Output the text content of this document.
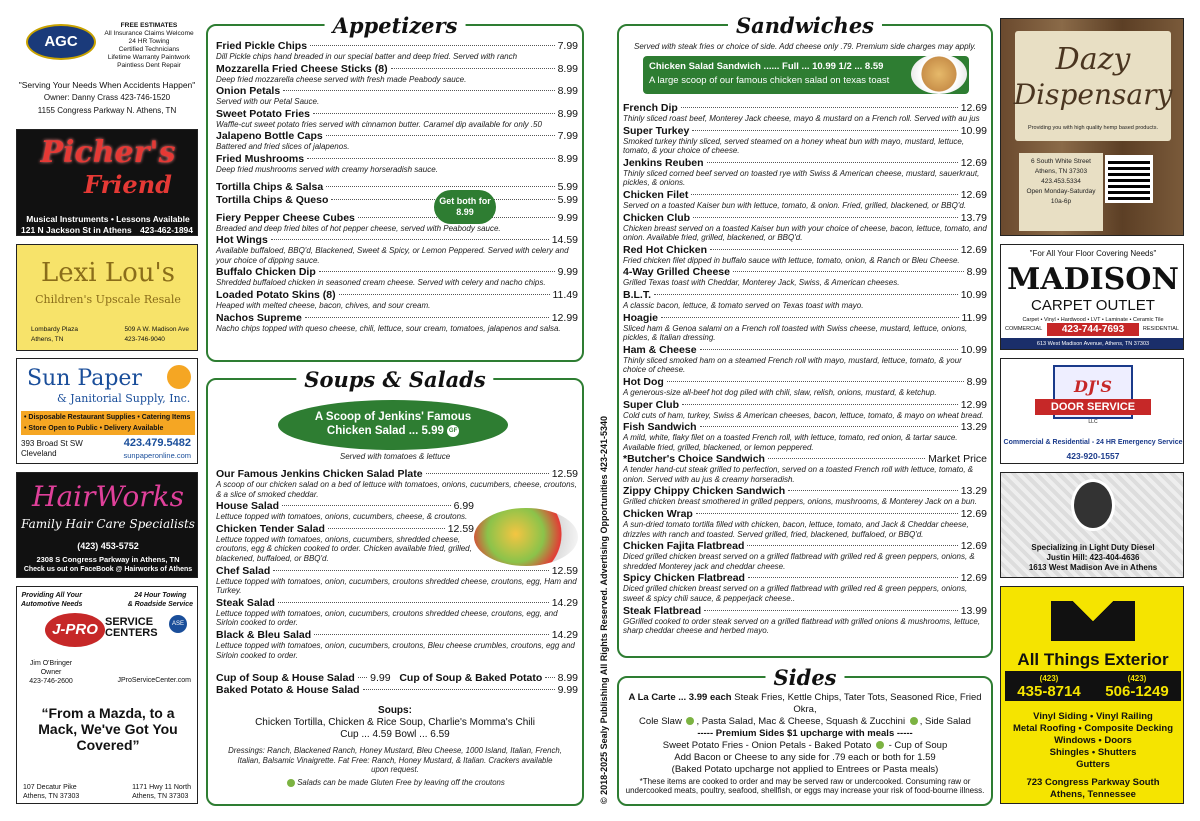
AGC
FREE ESTIMATES
All Insurance Claims Welcome
24 HR Towing
Certified Technicians
Lifetime Warranty Paintwork
Paintless Dent Repair
"Serving Your Needs When Accidents Happen"
Owner: Danny Crass 423-746-1520
1155 Congress Parkway N. Athens, TN
Picher's
Friend
Musical Instruments • Lessons Available
121 N Jackson St in Athens 423-462-1894
Lexi Lou's
Children's Upscale Resale
Lombardy Plaza
Athens, TN
509 A W. Madison Ave
423-746-9040
Sun Paper
& Janitorial Supply, Inc.
• Disposable Restaurant Supplies • Catering Items
• Store Open to Public • Delivery Available
393 Broad St SW
Cleveland
423.479.5482
sunpaperonline.com
HairWorks
Family Hair Care Specialists
(423) 453-5752
2308 S Congress Parkway in Athens, TN
Check us out on FaceBook @ Hairworks of Athens
Providing All Your
Automotive Needs
24 Hour Towing
& Roadside Service
J-PRO SERVICE
CENTERS
ASE
Jim O'Bringer
Owner
423-746-2600	JProServiceCenter.com
“From a Mazda, to a Mack, We've Got You Covered”
107 Decatur Pike
Athens, TN 37303
1171 Hwy 11 North
Athens, TN 37303
Appetizers
Fried Pickle Chips	7.99
Dill Pickle chips hand breaded in our special batter and deep fried. Served with ranch
Mozzarella Fried Cheese Sticks (8)	8.99
Deep fried mozzarella cheese served with fresh made Peabody sauce.
Onion Petals	8.99
Served with our Petal Sauce.
Sweet Potato Fries	8.99
Waffle-cut sweet potato fries served with cinnamon butter. Caramel dip available for only .50
Jalapeno Bottle Caps	7.99
Battered and fried slices of jalapenos.
Fried Mushrooms	8.99
Deep fried mushrooms served with creamy horseradish sauce.
Tortilla Chips & Salsa	5.99
Tortilla Chips & Queso	5.99
Fiery Pepper Cheese Cubes	9.99
Breaded and deep fried bites of hot pepper cheese, served with Peabody sauce.
Hot Wings	14.59
Available buffaloed, BBQ'd, Blackened, Sweet & Spicy, or Lemon Peppered. Served with celery and your choice of dipping sauce.
Buffalo Chicken Dip	9.99
Shredded buffaloed chicken in seasoned cream cheese. Served with celery and nacho chips.
Loaded Potato Skins (8)	11.49
Heaped with melted cheese, bacon, chives, and sour cream.
Nachos Supreme	12.99
Nacho chips topped with queso cheese, chili, lettuce, sour cream, tomatoes, jalapenos and salsa.
Get both for 8.99
Soups & Salads
A Scoop of Jenkins' Famous
Chicken Salad ... 5.99 GF
Served with tomatoes & lettuce
Our Famous Jenkins Chicken Salad Plate	12.59
A scoop of our chicken salad on a bed of lettuce with tomatoes, onions, cucumbers, cheese, croutons, & a slice of smoked cheddar.
House Salad	6.99
Lettuce topped with tomatoes, onions, cucumbers, cheese, & croutons.
Chicken Tender Salad	12.59
Lettuce topped with tomatoes, onions, cucumbers, shredded cheese, croutons, egg & chicken cooked to order. Chicken available fried, grilled, blackened, buffaloed, or BBQ'd.
Chef Salad	12.59
Lettuce topped with tomatoes, onion, cucumbers, croutons shredded cheese, croutons, egg, Ham and Turkey.
Steak Salad	14.29
Lettuce topped with tomatoes, onion, cucumbers, croutons shredded cheese, croutons, egg, and Sirloin cooked to order.
Black & Bleu Salad	14.29
Lettuce topped with tomatoes, onion, cucumbers, croutons, Bleu cheese crumbles, croutons, egg and Sirloin cooked to order.
Cup of Soup & House Salad 9.99
Cup of Soup & Baked Potato 8.99
Baked Potato & House Salad	9.99
Soups:
Chicken Tortilla, Chicken & Rice Soup, Charlie's Momma's Chili
Cup ... 4.59 Bowl ... 6.59
Dressings: Ranch, Blackened Ranch, Honey Mustard, Bleu Cheese, 1000 Island, Italian, French, Italian, Balsamic Vinaigrette. Fat Free: Ranch, Honey Mustard, & Italian. Crackers available upon request.
Salads can be made Gluten Free by leaving off the croutons	© 2018-2025 Sealy Publishing All Rights Reserved. Advertising Opportunities 423-241-5340
Sandwiches
Served with steak fries or choice of side. Add cheese only .79. Premium side charges may apply.
Chicken Salad Sandwich ...... Full ... 10.99 1/2 ... 8.59
A large scoop of our famous chicken salad on texas toast
French Dip	12.69
Thinly sliced roast beef, Monterey Jack cheese, mayo & mustard on a French roll. Served with au jus
Super Turkey	10.99
Smoked turkey thinly sliced, served steamed on a honey wheat bun with mayo, mustard, lettuce, tomato, & your choice of cheese.
Jenkins Reuben	12.69
Thinly sliced corned beef served on toasted rye with Swiss & American cheese, mustard, sauerkraut, pickles, & onions.
Chicken Filet	12.69
Served on a toasted Kaiser bun with lettuce, tomato, & onion. Fried, grilled, blackened, or BBQ'd.
Chicken Club	13.79
Chicken breast served on a toasted Kaiser bun with your choice of cheese, bacon, lettuce, tomato, and onion. Available fried, grilled, blackened, or BBQ'd.
Red Hot Chicken	12.69
Fried chicken filet dipped in buffalo sauce with lettuce, tomato, onion, & Ranch or Bleu Cheese.
4-Way Grilled Cheese	8.99
Grilled Texas toast with Cheddar, Monterey Jack, Swiss, & American cheeses.
B.L.T.	10.99
A classic bacon, lettuce, & tomato served on Texas toast with mayo.
Hoagie	11.99
Sliced ham & Genoa salami on a French roll toasted with Swiss cheese, mustard, lettuce, onions, pickles, & Italian dressing.
Ham & Cheese	10.99
Thinly sliced smoked ham on a steamed French roll with mayo, mustard, lettuce, tomato, & your choice of cheese.
Hot Dog	8.99
A generous-size all-beef hot dog piled with chili, slaw, relish, onions, mustard, & ketchup.
Super Club	12.99
Cold cuts of ham, turkey, Swiss & American cheeses, bacon, lettuce, tomato, & mayo on wheat bread.
Fish Sandwich	13.29
A mild, white, flaky filet on a toasted French roll, with lettuce, tomato, red onion, & tartar sauce. Available fried, grilled, blackened, or lemon peppered.
*Butcher's Choice Sandwich	Market Price
A tender hand-cut steak grilled to perfection, served on a toasted French roll with lettuce, tomato, & onion. Served with au jus & creamy horseradish.
Zippy Chippy Chicken Sandwich	13.29
Grilled chicken breast smothered in grilled peppers, onions, mushrooms, & Monterey Jack on a bun.
Chicken Wrap	12.69
A sun-dried tomato tortilla filled with chicken, bacon, lettuce, tomato, and Jack & Cheddar cheese, drizzles with ranch and toasted. Served grilled, fried, blackened, buffaloed, or BBQ'd.
Chicken Fajita Flatbread	12.69
Diced grilled chicken breast served on a grilled flatbread with grilled red & green peppers, onions, & shredded Monterey jack and cheddar cheese.
Spicy Chicken Flatbread	12.69
Diced grilled chicken breast served on a grilled flatbread with grilled red & green peppers, onions, sweet & spicy chili sauce, & pepperjack cheese..
Steak Flatbread	13.99
GGrilled cooked to order steak served on a grilled flatbread with grilled onions & mushrooms, lettuce, sharp cheddar cheese and herbed mayo.
Sides
A La Carte ... 3.99 each Steak Fries, Kettle Chips, Tater Tots, Seasoned Rice, Fried Okra,
Cole Slaw , Pasta Salad, Mac & Cheese, Squash & Zucchini , Side Salad
----- Premium Sides $1 upcharge with meals -----
Sweet Potato Fries - Onion Petals - Baked Potato  - Cup of Soup
Add Bacon or Cheese to any side for .79 each or both for 1.59
(Baked Potato upcharge not applied to Entrees or Pasta meals)
*These items are cooked to order and may be served raw or undercooked. Consuming raw or undercooked meats, poultry, seafood, shellfish, or eggs may increase your risk of food-bourne illness.
Dazy
Dispensary
Providing you with high quality hemp based products.
6 South White Street
Athens, TN 37303
423.453.5334
Open Monday-Saturday
10a-6p
"For All Your Floor Covering Needs"
MADISON
CARPET OUTLET
Carpet • Vinyl • Hardwood • LVT • Laminate • Ceramic Tile
COMMERCIAL	423-744-7693	RESIDENTIAL
613 West Madison Avenue, Athens, TN 37303
DJ'S
DOOR SERVICE
LLC
Commercial & Residential - 24 HR Emergency Service
423-920-1557
Specializing in Light Duty Diesel
Justin Hill: 423-404-4636
1613 West Madison Ave in Athens
All Things Exterior
(423)
435-8714
(423)
506-1249
Vinyl Siding • Vinyl Railing
Metal Roofing • Composite Decking
Windows • Doors
Shingles • Shutters
Gutters
723 Congress Parkway South
Athens, Tennessee
